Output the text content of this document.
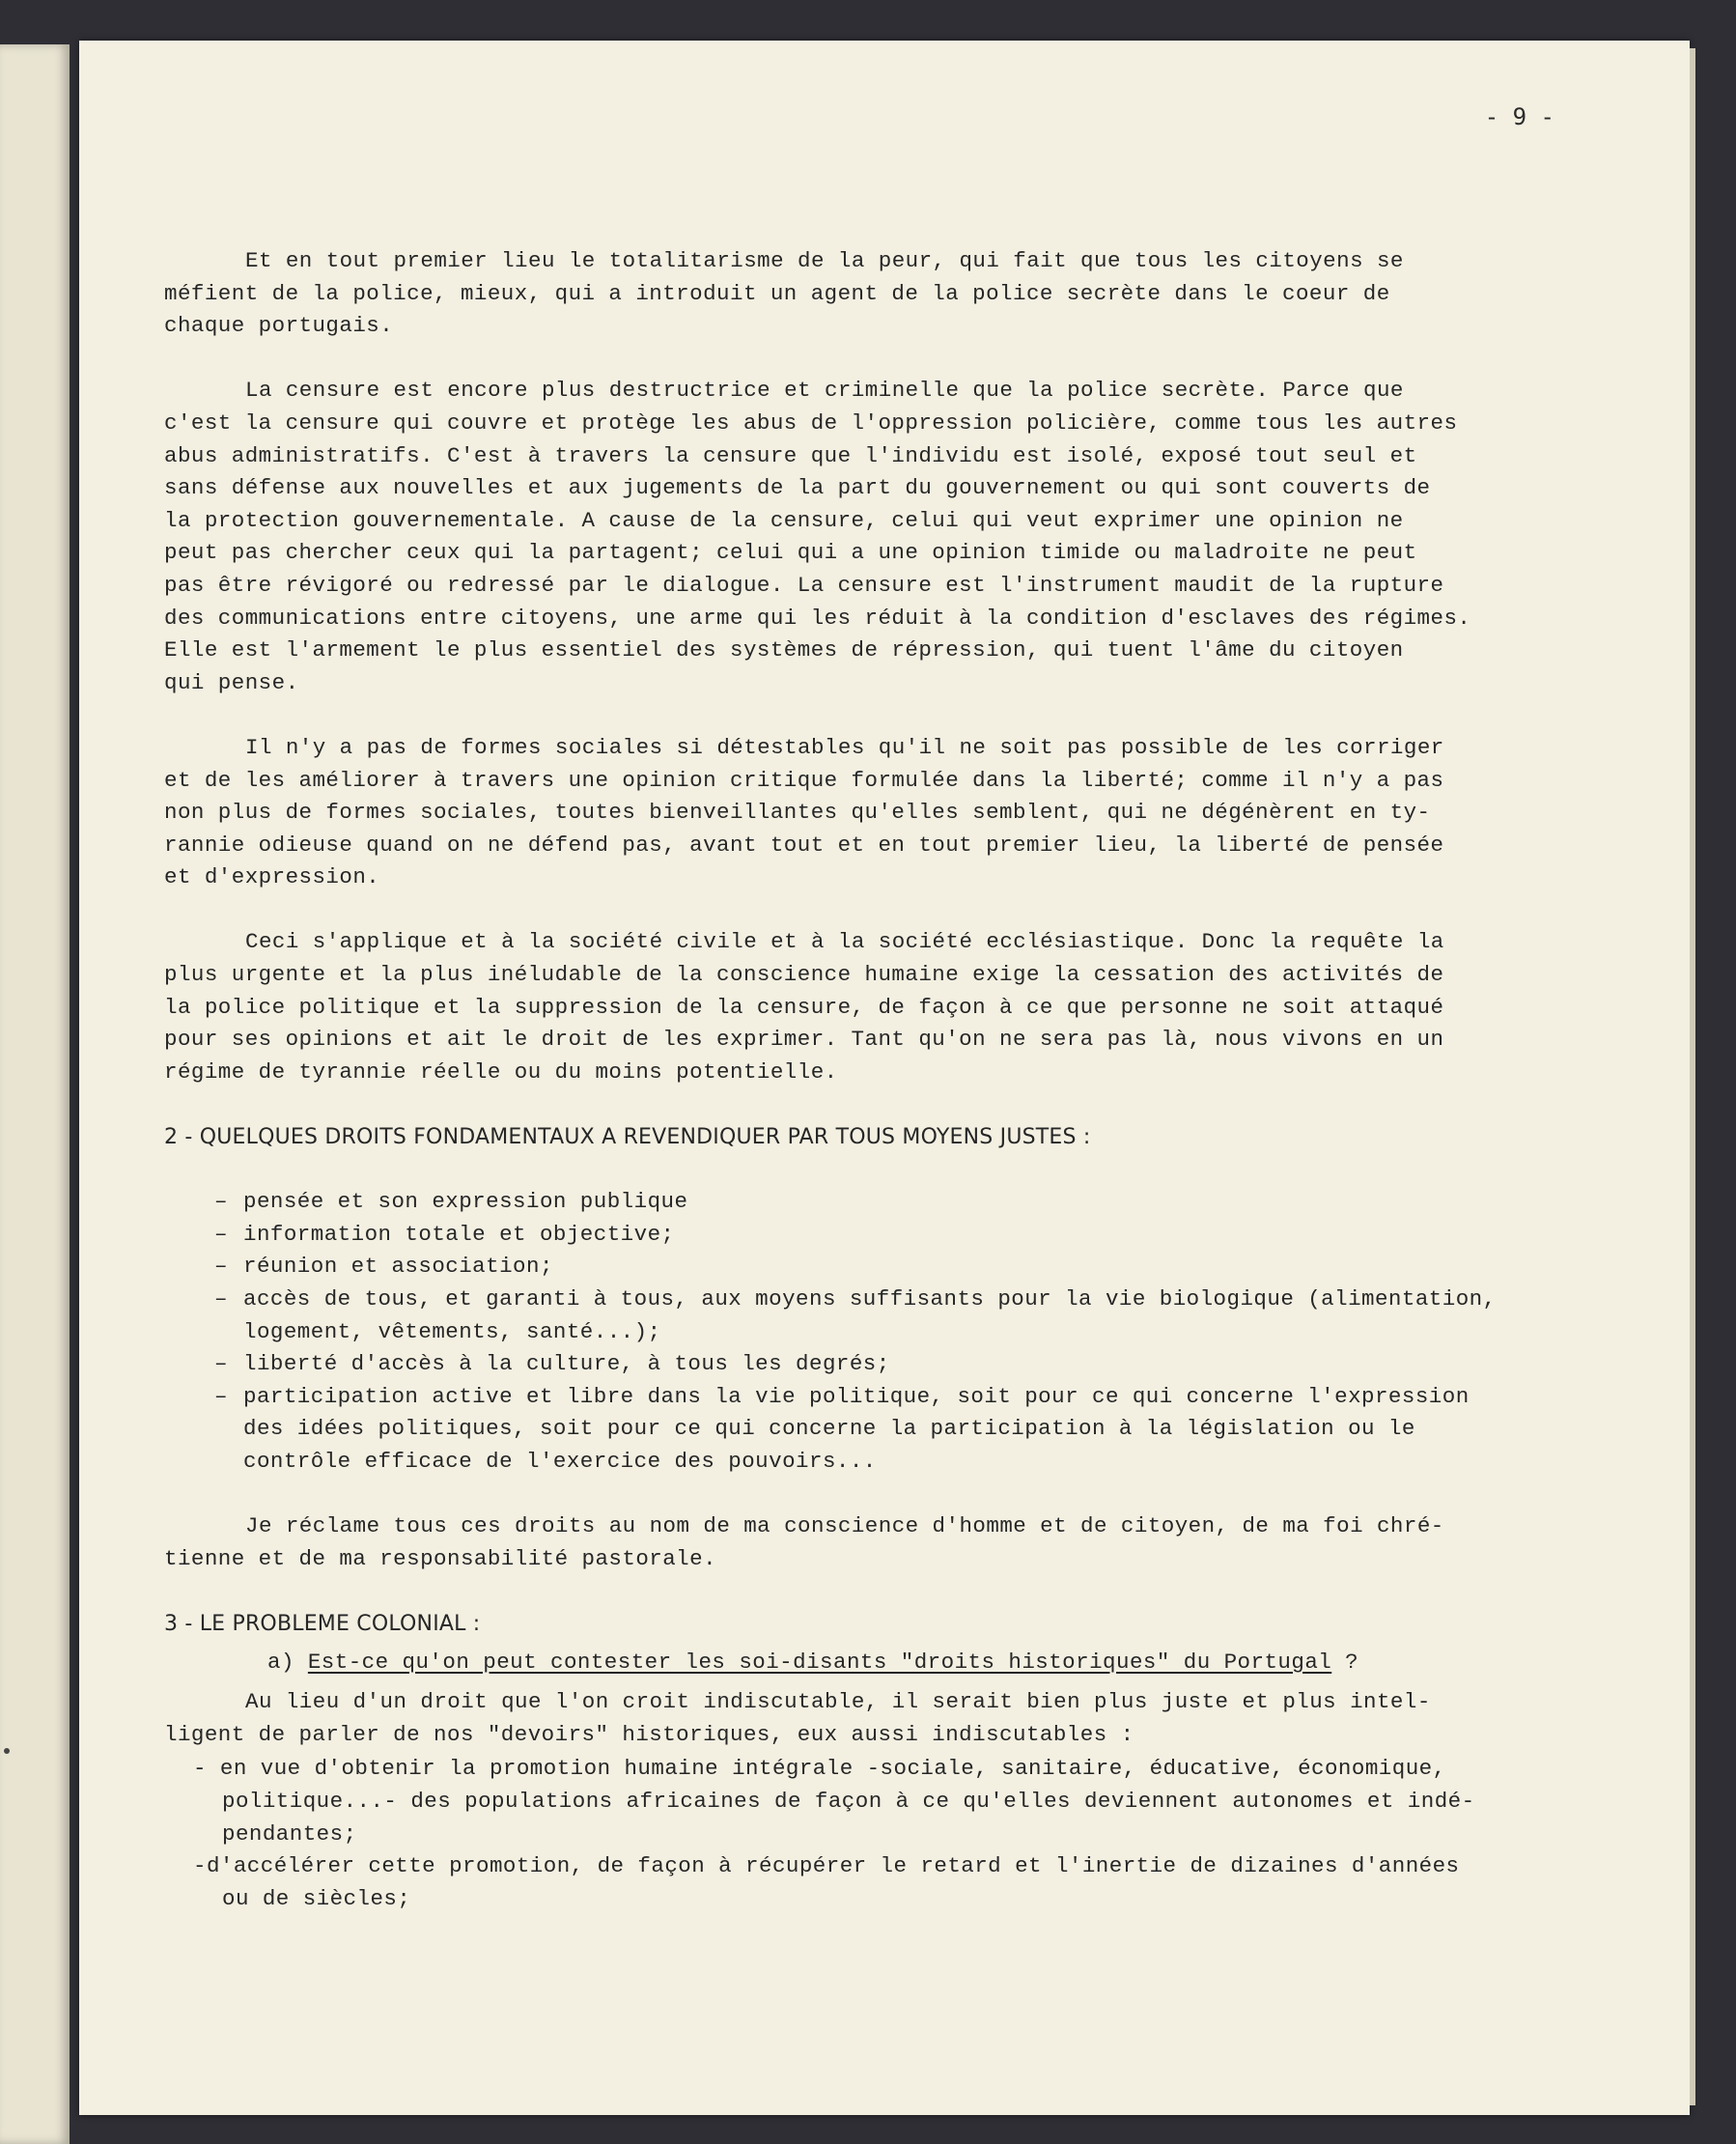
- 9 -

Et en tout premier lieu le totalitarisme de la peur, qui fait que tous les citoyens se
méfient de la police, mieux, qui a introduit un agent de la police secrète dans le coeur de
chaque portugais.

La censure est encore plus destructrice et criminelle que la police secrète. Parce que
c'est la censure qui couvre et protège les abus de l'oppression policière, comme tous les autres
abus administratifs. C'est à travers la censure que l'individu est isolé, exposé tout seul et
sans défense aux nouvelles et aux jugements de la part du gouvernement ou qui sont couverts de
la protection gouvernementale. A cause de la censure, celui qui veut exprimer une opinion ne
peut pas chercher ceux qui la partagent; celui qui a une opinion timide ou maladroite ne peut
pas être révigoré ou redressé par le dialogue. La censure est l'instrument maudit de la rupture
des communications entre citoyens, une arme qui les réduit à la condition d'esclaves des régimes.
Elle est l'armement le plus essentiel des systèmes de répression, qui tuent l'âme du citoyen
qui pense.

Il n'y a pas de formes sociales si détestables qu'il ne soit pas possible de les corriger
et de les améliorer à travers une opinion critique formulée dans la liberté; comme il n'y a pas
non plus de formes sociales, toutes bienveillantes qu'elles semblent, qui ne dégénèrent en ty-
rannie odieuse quand on ne défend pas, avant tout et en tout premier lieu, la liberté de pensée
et d'expression.

Ceci s'applique et à la société civile et à la société ecclésiastique. Donc la requête la
plus urgente et la plus inéludable de la conscience humaine exige la cessation des activités de
la police politique et la suppression de la censure, de façon à ce que personne ne soit attaqué
pour ses opinions et ait le droit de les exprimer. Tant qu'on ne sera pas là, nous vivons en un
régime de tyrannie réelle ou du moins potentielle.

2 - QUELQUES DROITS FONDAMENTAUX A REVENDIQUER PAR TOUS MOYENS JUSTES :

– pensée et son expression publique
– information totale et objective;
– réunion et association;
– accès de tous, et garanti à tous, aux moyens suffisants pour la vie biologique (alimentation,
logement, vêtements, santé...);
– liberté d'accès à la culture, à tous les degrés;
– participation active et libre dans la vie politique, soit pour ce qui concerne l'expression
des idées politiques, soit pour ce qui concerne la participation à la législation ou le
contrôle efficace de l'exercice des pouvoirs...

Je réclame tous ces droits au nom de ma conscience d'homme et de citoyen, de ma foi chré-
tienne et de ma responsabilité pastorale.

3 - LE PROBLEME COLONIAL :

a) Est-ce qu'on peut contester les soi-disants "droits historiques" du Portugal ?

Au lieu d'un droit que l'on croit indiscutable, il serait bien plus juste et plus intel-
ligent de parler de nos "devoirs" historiques, eux aussi indiscutables :

- en vue d'obtenir la promotion humaine intégrale -sociale, sanitaire, éducative, économique,
politique...- des populations africaines de façon à ce qu'elles deviennent autonomes et indé-
pendantes;
-d'accélérer cette promotion, de façon à récupérer le retard et l'inertie de dizaines d'années
ou de siècles;
